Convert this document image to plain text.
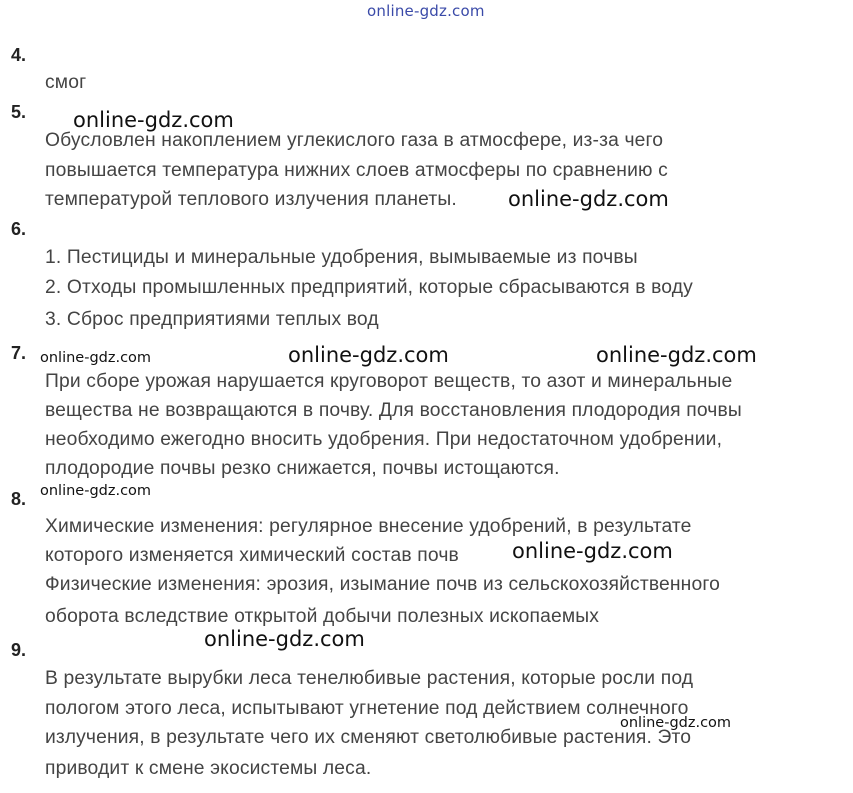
online-gdz.com
4.
смог
5.
Обусловлен накоплением углекислого газа в атмосфере, из-за чего
повышается температура нижних слоев атмосферы по сравнению с
температурой теплового излучения планеты.
6.
1. Пестициды и минеральные удобрения, вымываемые из почвы
2. Отходы промышленных предприятий, которые сбрасываются в воду
3. Сброс предприятиями теплых вод
7.
При сборе урожая нарушается круговорот веществ, то азот и минеральные
вещества не возвращаются в почву. Для восстановления плодородия почвы
необходимо ежегодно вносить удобрения. При недостаточном удобрении,
плодородие почвы резко снижается, почвы истощаются.
8.
Химические изменения: регулярное внесение удобрений, в результате
которого изменяется химический состав почв
Физические изменения: эрозия, изымание почв из сельскохозяйственного
оборота вследствие открытой добычи полезных ископаемых
9.
В результате вырубки леса тенелюбивые растения, которые росли под
пологом этого леса, испытывают угнетение под действием солнечного
излучения, в результате чего их сменяют светолюбивые растения. Это
приводит к смене экосистемы леса.
online-gdz.com
online-gdz.com
online-gdz.com	online-gdz.com	online-gdz.com
online-gdz.com
online-gdz.com
online-gdz.com
online-gdz.com
